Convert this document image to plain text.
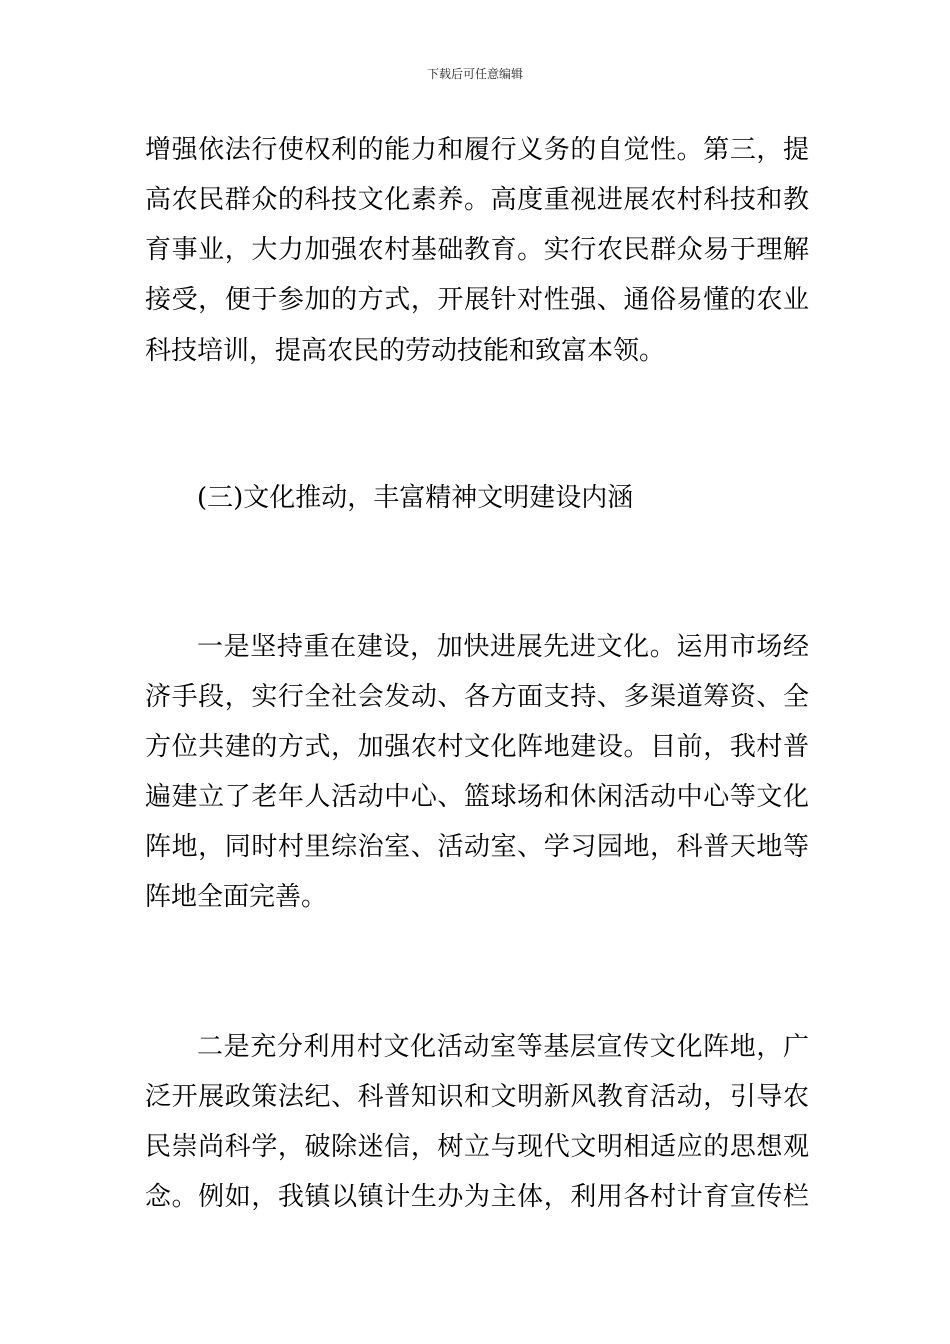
下载后可任意编辑
增强依法行使权利的能力和履行义务的自觉性。第三，提
高农民群众的科技文化素养。高度重视进展农村科技和教
育事业，大力加强农村基础教育。实行农民群众易于理解
接受，便于参加的方式，开展针对性强、通俗易懂的农业
科技培训，提高农民的劳动技能和致富本领。
(三)文化推动，丰富精神文明建设内涵
一是坚持重在建设，加快进展先进文化。运用市场经
济手段，实行全社会发动、各方面支持、多渠道筹资、全
方位共建的方式，加强农村文化阵地建设。目前，我村普
遍建立了老年人活动中心、篮球场和休闲活动中心等文化
阵地，同时村里综治室、活动室、学习园地，科普天地等
阵地全面完善。
二是充分利用村文化活动室等基层宣传文化阵地，广
泛开展政策法纪、科普知识和文明新风教育活动，引导农
民崇尚科学，破除迷信，树立与现代文明相适应的思想观
念。例如，我镇以镇计生办为主体，利用各村计育宣传栏
